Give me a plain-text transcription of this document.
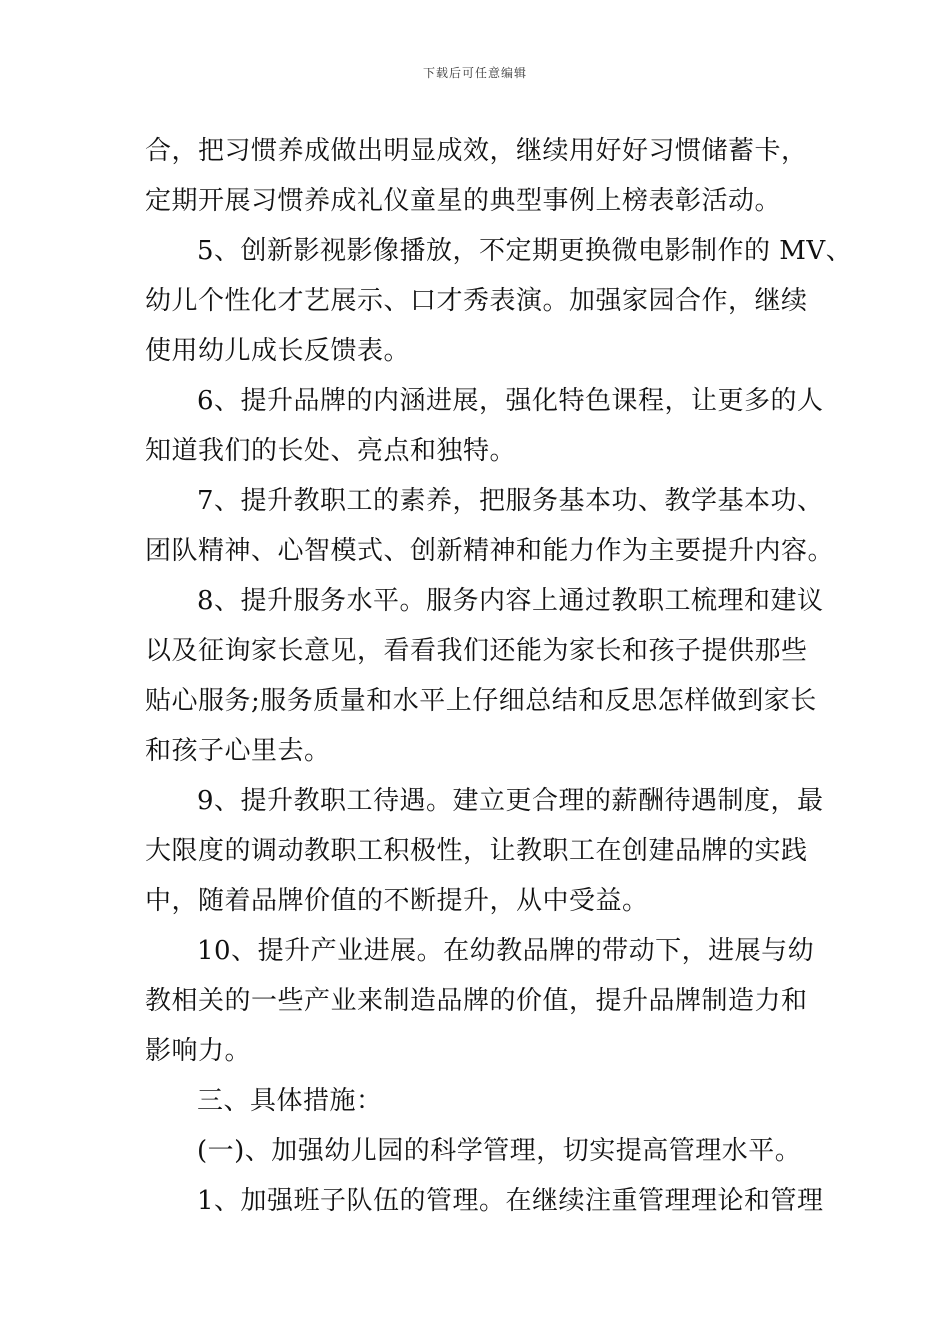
下载后可任意编辑
合，把习惯养成做出明显成效，继续用好好习惯储蓄卡，
定期开展习惯养成礼仪童星的典型事例上榜表彰活动。
5、创新影视影像播放，不定期更换微电影制作的 MV、
幼儿个性化才艺展示、口才秀表演。加强家园合作，继续
使用幼儿成长反馈表。
6、提升品牌的内涵进展，强化特色课程，让更多的人
知道我们的长处、亮点和独特。
7、提升教职工的素养，把服务基本功、教学基本功、
团队精神、心智模式、创新精神和能力作为主要提升内容。
8、提升服务水平。服务内容上通过教职工梳理和建议
以及征询家长意见，看看我们还能为家长和孩子提供那些
贴心服务;服务质量和水平上仔细总结和反思怎样做到家长
和孩子心里去。
9、提升教职工待遇。建立更合理的薪酬待遇制度，最
大限度的调动教职工积极性，让教职工在创建品牌的实践
中，随着品牌价值的不断提升，从中受益。
10、提升产业进展。在幼教品牌的带动下，进展与幼
教相关的一些产业来制造品牌的价值，提升品牌制造力和
影响力。
三、具体措施：
(一)、加强幼儿园的科学管理，切实提高管理水平。
1、加强班子队伍的管理。在继续注重管理理论和管理
